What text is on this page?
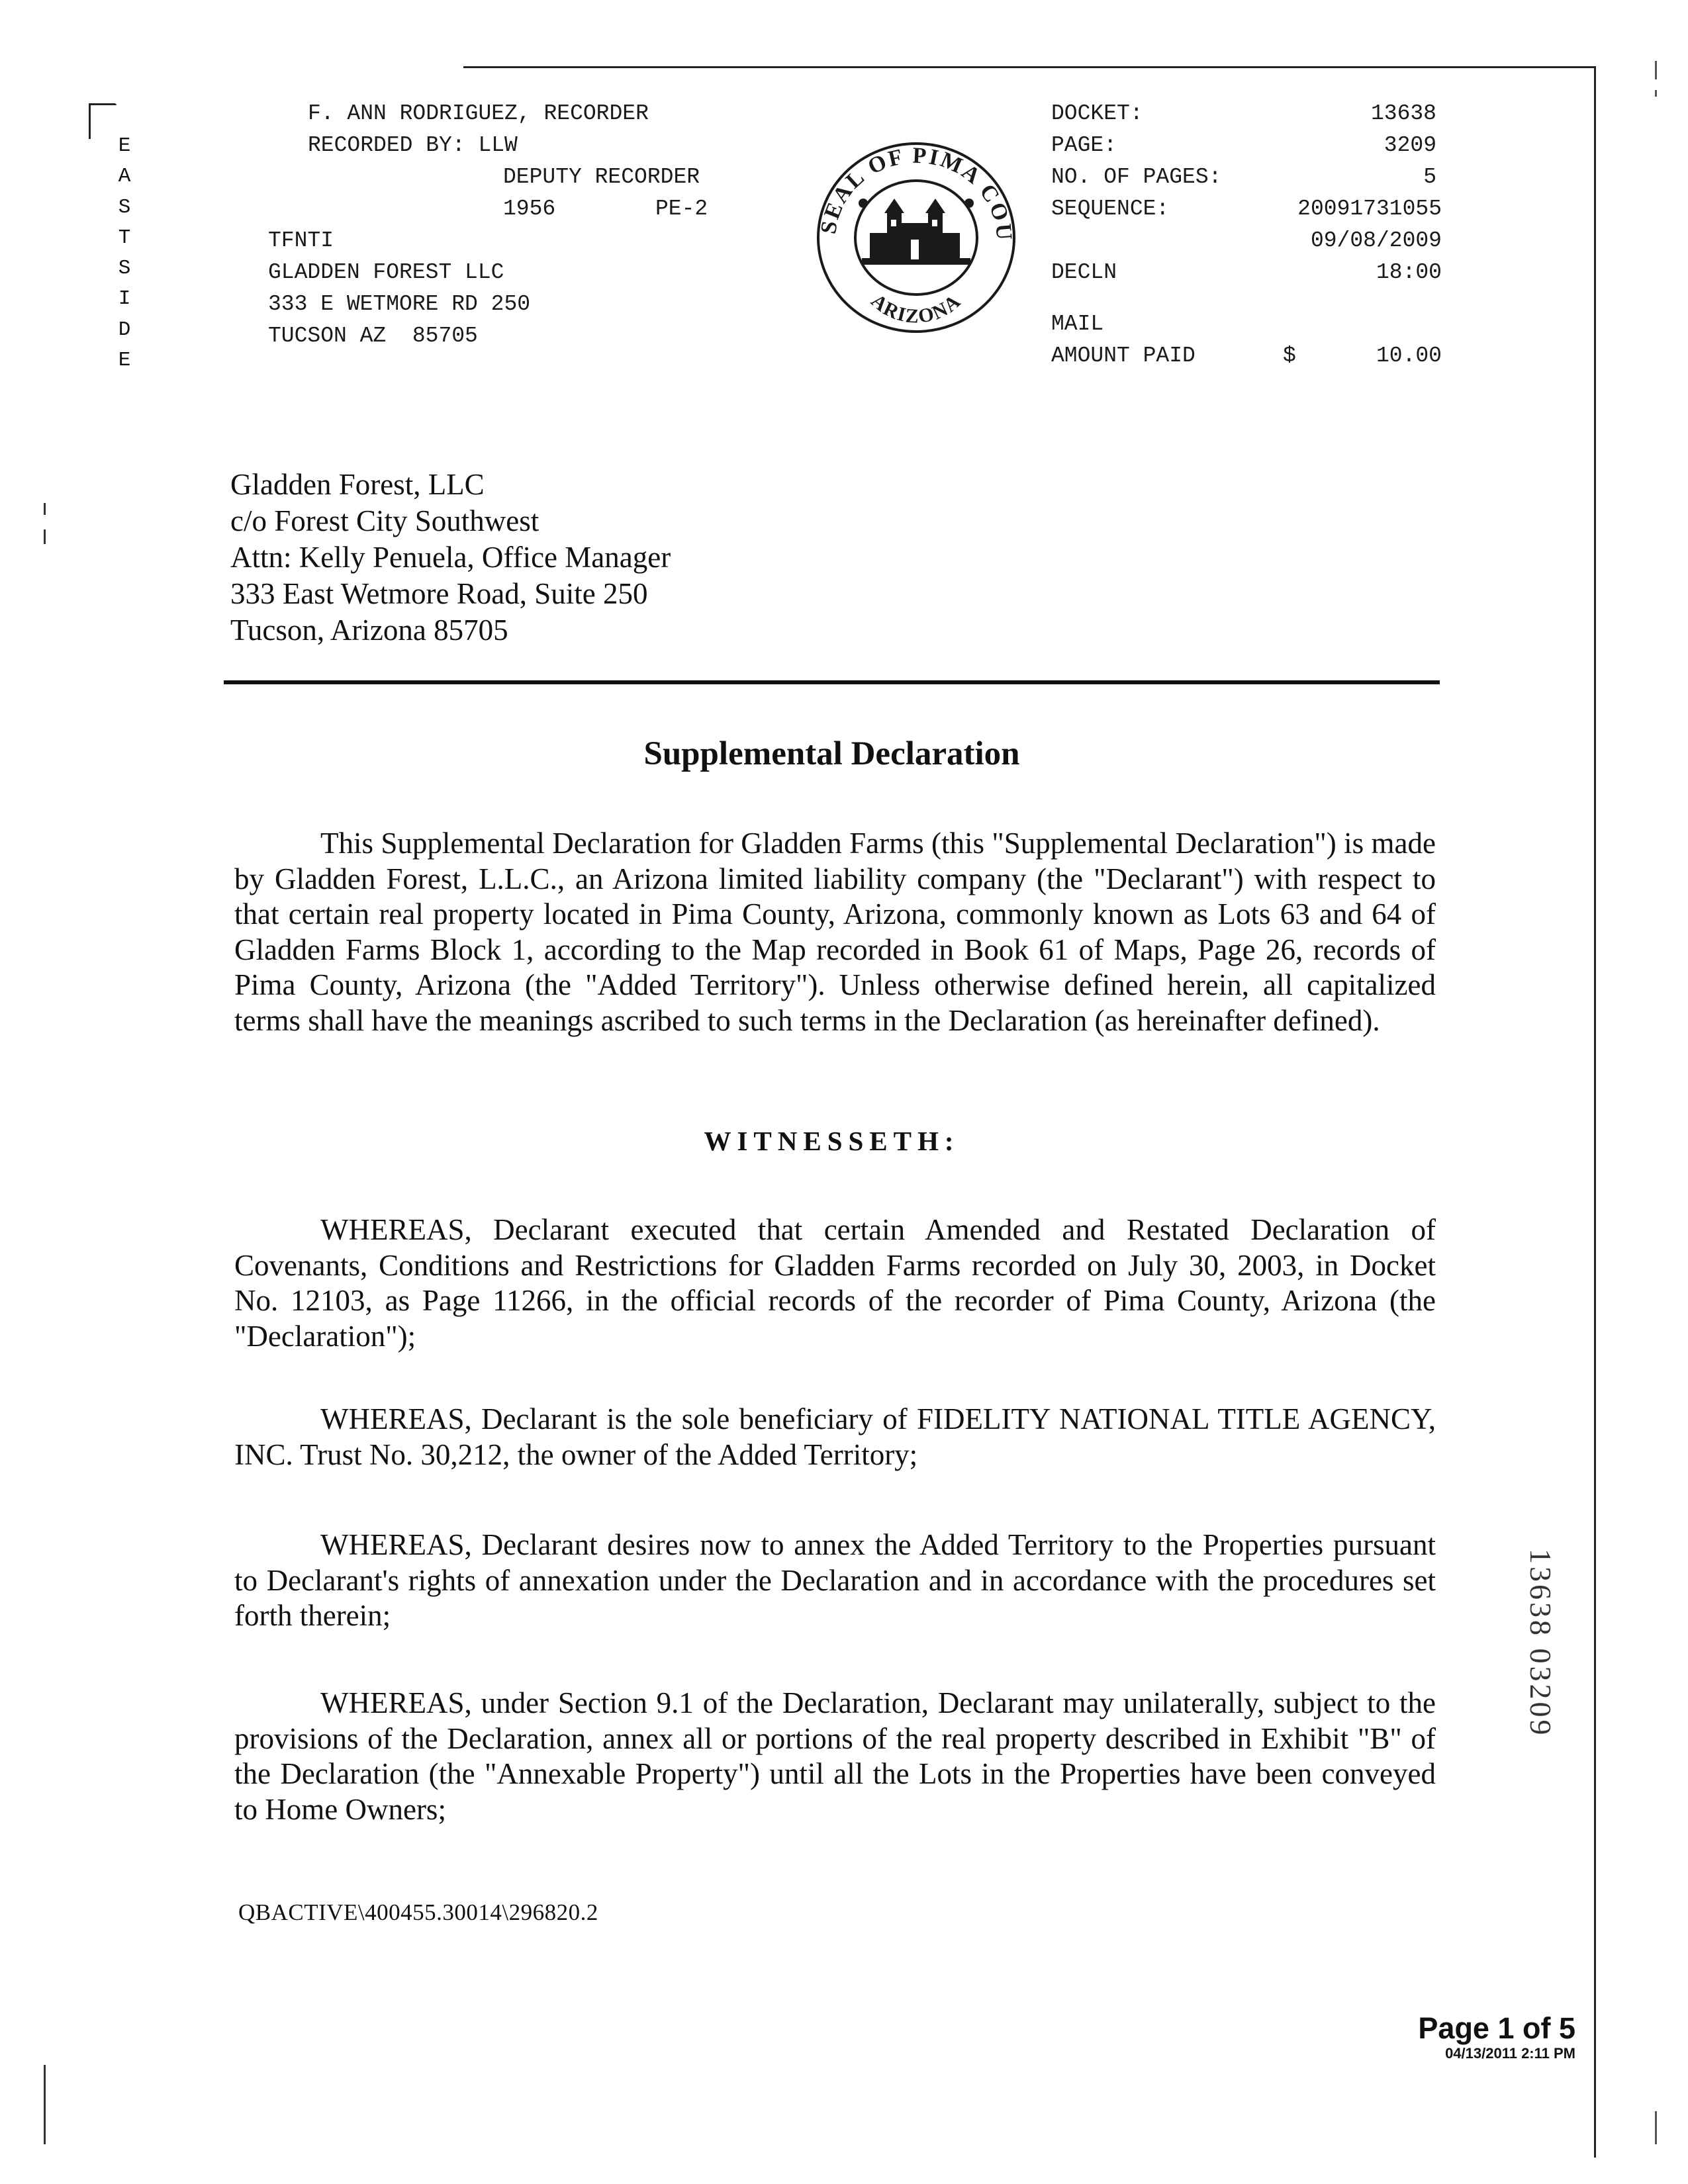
E
A
S
T
S
I
D
E
F. ANN RODRIGUEZ, RECORDER
RECORDED BY: LLW
DEPUTY RECORDER
1956	PE-2
TFNTI
GLADDEN FOREST LLC
333 E WETMORE RD 250
TUCSON AZ  85705
SEAL OF PIMA COU
ARIZONA
DOCKET:	13638
PAGE:	3209
NO. OF PAGES:	5
SEQUENCE:	20091731055
09/08/2009
DECLN	18:00
MAIL
AMOUNT PAID	$	10.00
Gladden Forest, LLC
c/o Forest City Southwest
Attn: Kelly Penuela, Office Manager
333 East Wetmore Road, Suite 250
Tucson, Arizona 85705
Supplemental Declaration
This Supplemental Declaration for Gladden Farms (this "Supplemental Declaration") is made by Gladden Forest, L.L.C., an Arizona limited liability company (the "Declarant") with respect to that certain real property located in Pima County, Arizona, commonly known as Lots 63 and 64 of Gladden Farms Block 1, according to the Map recorded in Book 61 of Maps, Page 26, records of Pima County, Arizona (the "Added Territory"). Unless otherwise defined herein, all capitalized terms shall have the meanings ascribed to such terms in the Declaration (as hereinafter defined).
WITNESSETH:
WHEREAS, Declarant executed that certain Amended and Restated Declaration of Covenants, Conditions and Restrictions for Gladden Farms recorded on July 30, 2003, in Docket No. 12103, as Page 11266, in the official records of the recorder of Pima County, Arizona (the "Declaration");
WHEREAS, Declarant is the sole beneficiary of FIDELITY NATIONAL TITLE AGENCY, INC. Trust No. 30,212, the owner of the Added Territory;
WHEREAS, Declarant desires now to annex the Added Territory to the Properties pursuant to Declarant's rights of annexation under the Declaration and in accordance with the procedures set forth therein;
WHEREAS, under Section 9.1 of the Declaration, Declarant may unilaterally, subject to the provisions of the Declaration, annex all or portions of the real property described in Exhibit "B" of the Declaration (the "Annexable Property") until all the Lots in the Properties have been conveyed to Home Owners;
QBACTIVE\400455.30014\296820.2
13638 03209
Page 1 of 5
04/13/2011 2:11 PM
